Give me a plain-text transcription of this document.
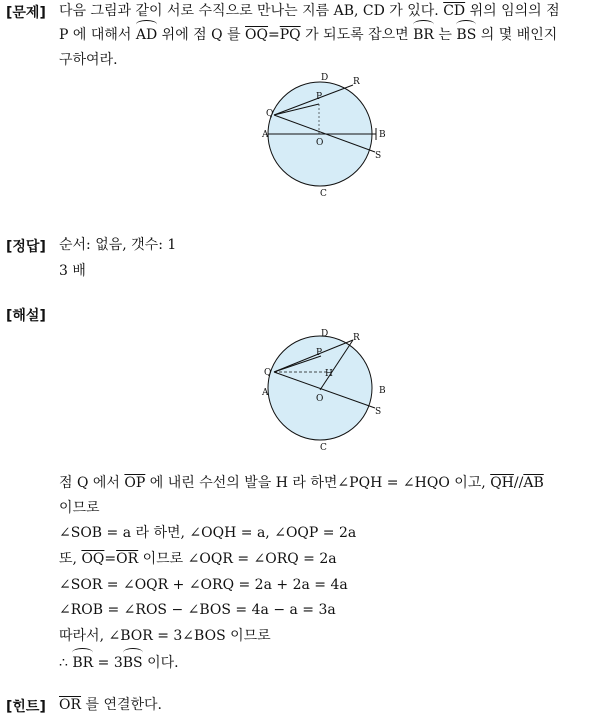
[문제] 다음 그림과 같이 서로 수직으로 만나는 지름 AB, CD 가 있다. $\overline{CD}$ 위의 임의의 점
P 에 대해서 AD 위에 점 Q 를 $\overline{OQ}=\overline{PQ}$ 가 되도록 잡으면 BR 는 BS 의 몇 배인지
구하여라.
D	R
P
Q
A	B
O
S
C
[정답] 순서: 없음, 갯수: 1
3 배
[해설]
D	R
P
H
Q
A	B
O
S
C
점 Q 에서 $\overline{OP}$ 에 내린 수선의 발을 H 라 하면∠PQH = ∠HQO 이고, $\overline{QH}//\overline{AB}$
이므로
∠SOB = a 라 하면, ∠OQH = a, ∠OQP = 2a
또, $\overline{OQ}=\overline{OR}$ 이므로 ∠OQR = ∠ORQ = 2a
∠SOR = ∠OQR + ∠ORQ = 2a + 2a = 4a
∠ROB = ∠ROS − ∠BOS = 4a − a = 3a
따라서, ∠BOR = 3∠BOS 이므로
∴ BR = 3BS 이다.
[힌트] $\overline{OR}$ 를 연결한다.
